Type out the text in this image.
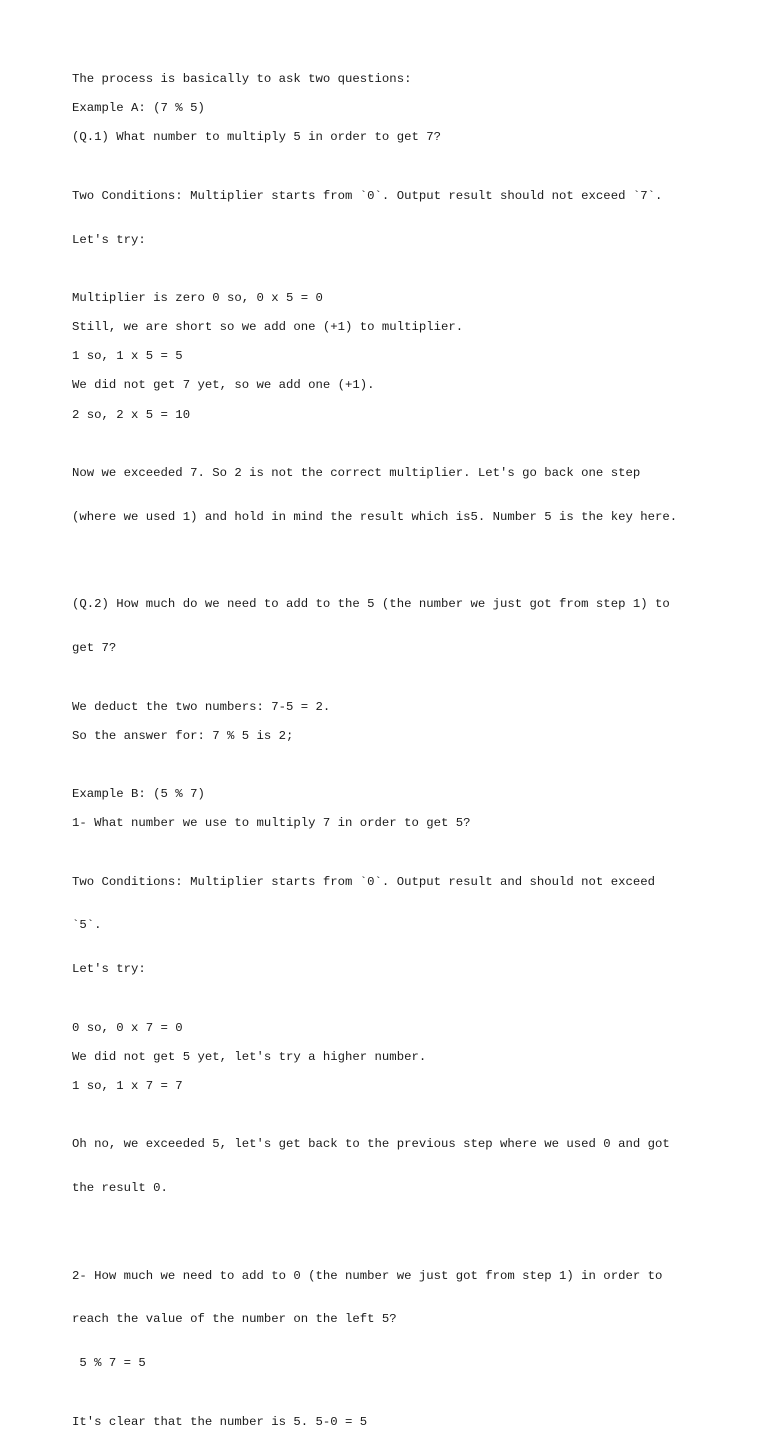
The process is basically to ask two questions:

Example A: (7 % 5)

(Q.1) What number to multiply 5 in order to get 7?

Two Conditions: Multiplier starts from `0`. Output result should not exceed `7`.

Let's try:

Multiplier is zero 0 so, 0 x 5 = 0

Still, we are short so we add one (+1) to multiplier.

1 so, 1 x 5 = 5

We did not get 7 yet, so we add one (+1).

2 so, 2 x 5 = 10

Now we exceeded 7. So 2 is not the correct multiplier. Let's go back one step

(where we used 1) and hold in mind the result which is5. Number 5 is the key here.

(Q.2) How much do we need to add to the 5 (the number we just got from step 1) to

get 7?

We deduct the two numbers: 7-5 = 2.

So the answer for: 7 % 5 is 2;

Example B: (5 % 7)

1- What number we use to multiply 7 in order to get 5?

Two Conditions: Multiplier starts from `0`. Output result and should not exceed

`5`.

Let's try:

0 so, 0 x 7 = 0

We did not get 5 yet, let's try a higher number.

1 so, 1 x 7 = 7

Oh no, we exceeded 5, let's get back to the previous step where we used 0 and got

the result 0.

2- How much we need to add to 0 (the number we just got from step 1) in order to

reach the value of the number on the left 5?

5 % 7 = 5

It's clear that the number is 5. 5-0 = 5
